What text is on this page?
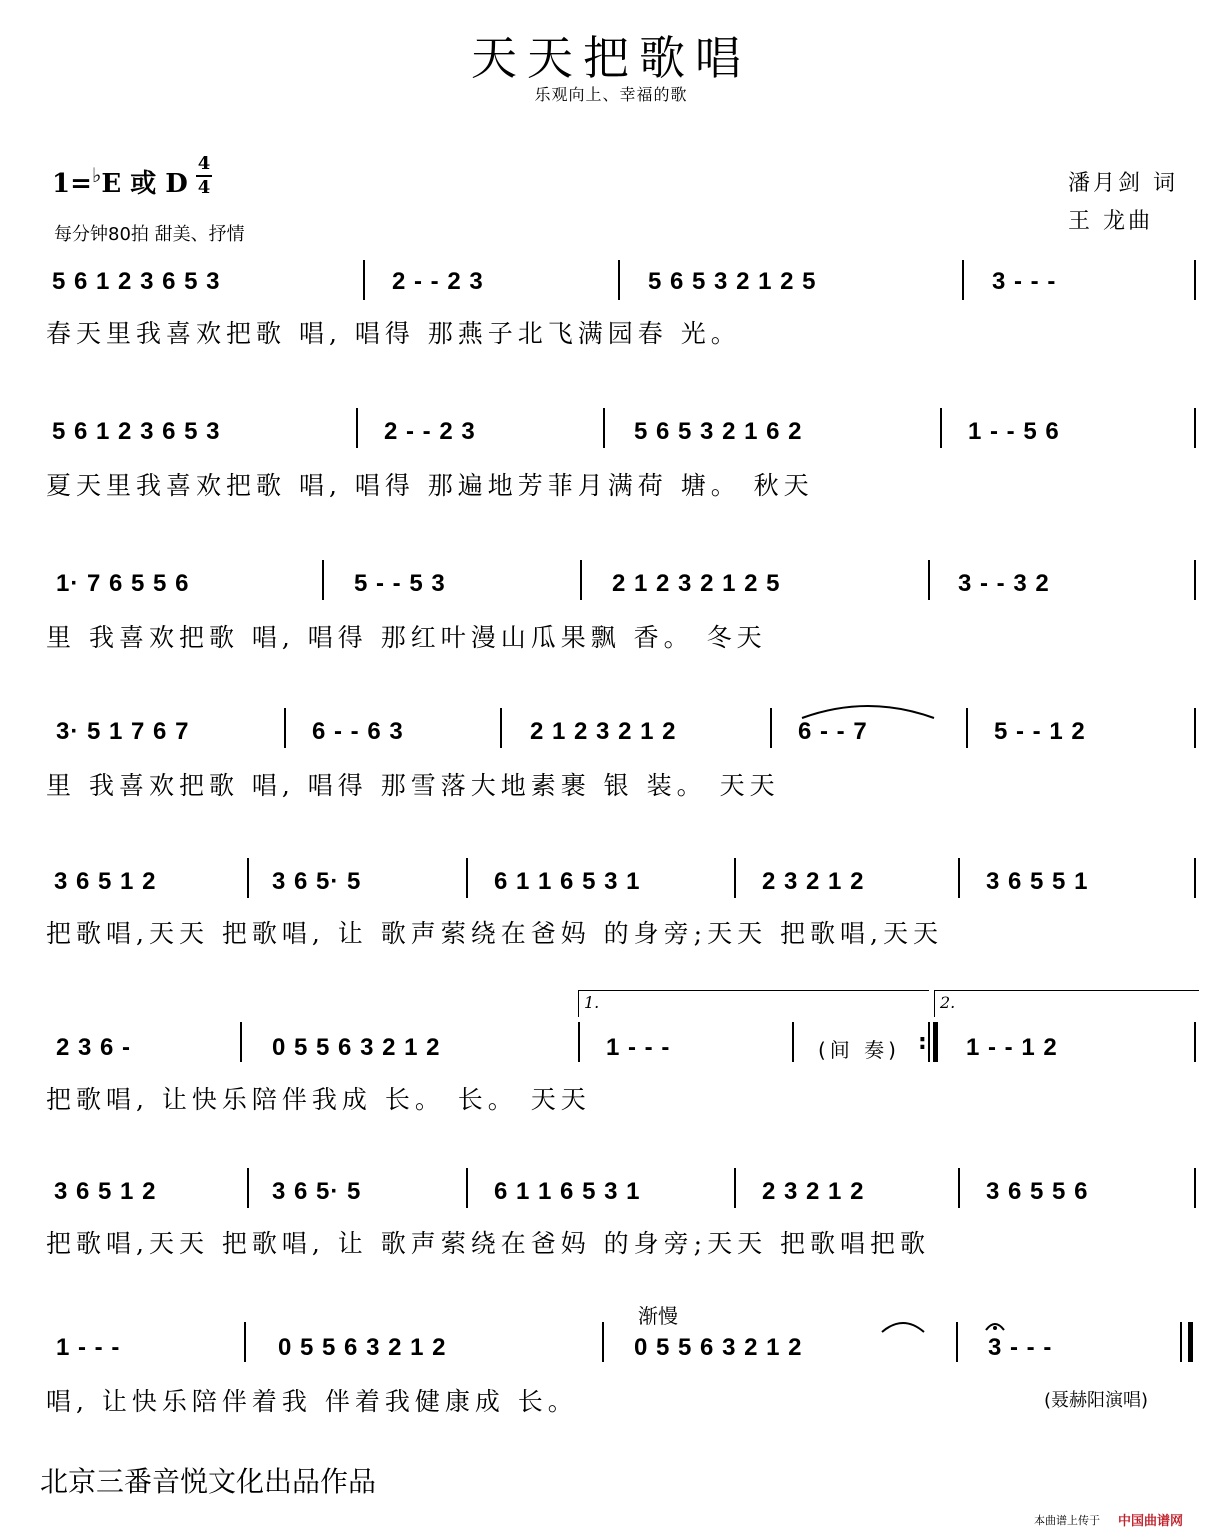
天天把歌唱
乐观向上、幸福的歌
1=♭E 或 D
4
4
每分钟80拍 甜美、抒情
潘月剑 词
王 龙曲
5 6 1 2 3 6 5 3	2 - - 2 3	5 6 5 3 2 1 2 5	3 - - -
春天里我喜欢把歌 唱, 唱得 那燕子北飞满园春 光。
5 6 1 2 3 6 5 3	2 - - 2 3	5 6 5 3 2 1 6 2	1 - - 5 6
夏天里我喜欢把歌 唱, 唱得 那遍地芳菲月满荷 塘。 秋天
1· 7 6 5 5 6	5 - - 5 3	2 1 2 3 2 1 2 5	3 - - 3 2
里 我喜欢把歌 唱, 唱得 那红叶漫山瓜果飘 香。 冬天
3· 5 1 7 6 7	6 - - 6 3	2 1 2 3 2 1 2	6 - - 7	5 - - 1 2
里 我喜欢把歌 唱, 唱得 那雪落大地素裹 银 装。 天天
3 6 5 1 2	3 6 5· 5	6 1 1 6 5 3 1	2 3 2 1 2	3 6 5 5 1
把歌唱,天天 把歌唱, 让 歌声萦绕在爸妈 的身旁;天天 把歌唱,天天
1.	2.
2 3 6 -	0 5 5 6 3 2 1 2	1 - - -	(间 奏) : 1 - - 1 2
把歌唱, 让快乐陪伴我成 长。 长。 天天
3 6 5 1 2	3 6 5· 5	6 1 1 6 5 3 1	2 3 2 1 2	3 6 5 5 6
把歌唱,天天 把歌唱, 让 歌声萦绕在爸妈 的身旁;天天 把歌唱把歌
渐慢
1 - - -	0 5 5 6 3 2 1 2	0 5 5 6 3 2 1 2	3 - - -
唱, 让快乐陪伴着我 伴着我健康成 长。	(聂赫阳演唱)
北京三番音悦文化出品作品
本曲谱上传于 中国曲谱网
